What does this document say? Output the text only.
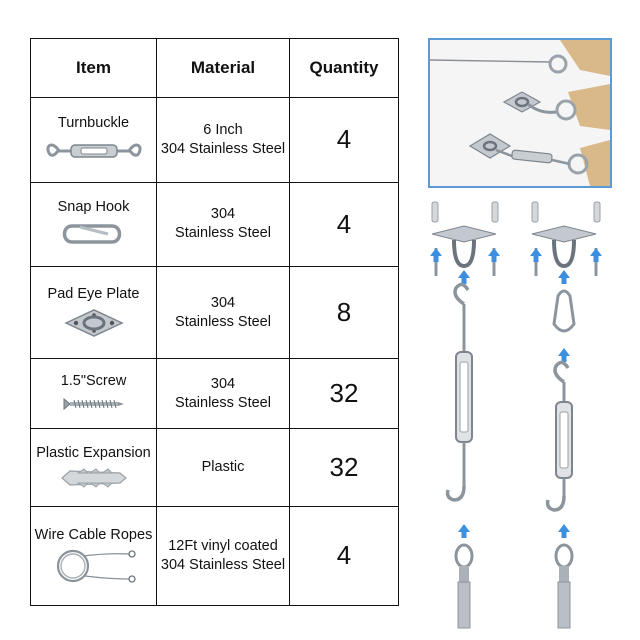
Item	Material	Quantity

Turnbuckle	6 Inch
304 Stainless Steel	4

Snap Hook	304
Stainless Steel	4

Pad Eye Plate	304
Stainless Steel	8

1.5"Screw	304
Stainless Steel	32

Plastic Expansion	Plastic	32

Wire Cable Ropes	12Ft vinyl coated
304 Stainless Steel	4
